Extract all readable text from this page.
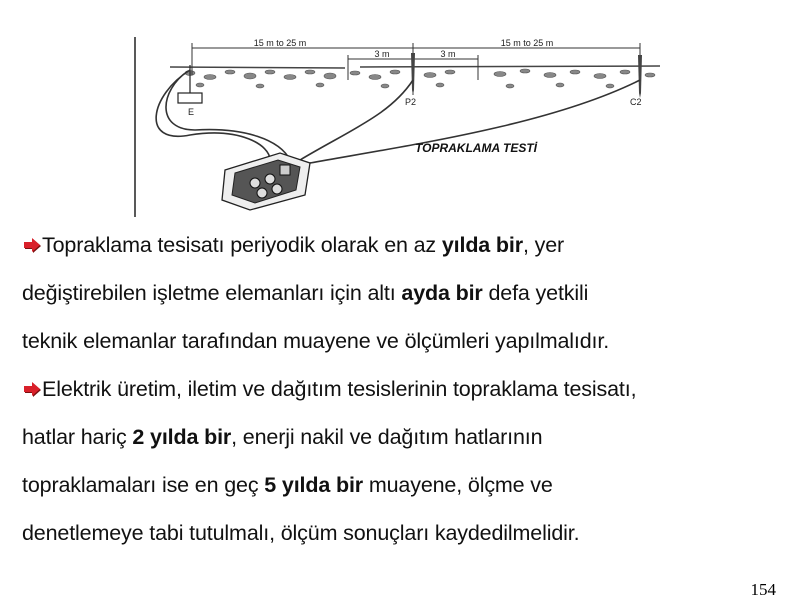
15 m to 25 m	15 m to 25 m
3 m	3 m
E
P2	C2
TOPRAKLAMA TESTİ
Topraklama tesisatı periyodik olarak en az yılda bir, yer
değiştirebilen işletme elemanları için altı ayda bir defa yetkili
teknik elemanlar tarafından muayene ve ölçümleri yapılmalıdır.
Elektrik üretim, iletim ve dağıtım tesislerinin topraklama tesisatı,
hatlar hariç 2 yılda bir, enerji nakil ve dağıtım hatlarının
topraklamaları ise en geç 5 yılda bir muayene, ölçme ve
denetlemeye tabi tutulmalı, ölçüm sonuçları kaydedilmelidir.
154
